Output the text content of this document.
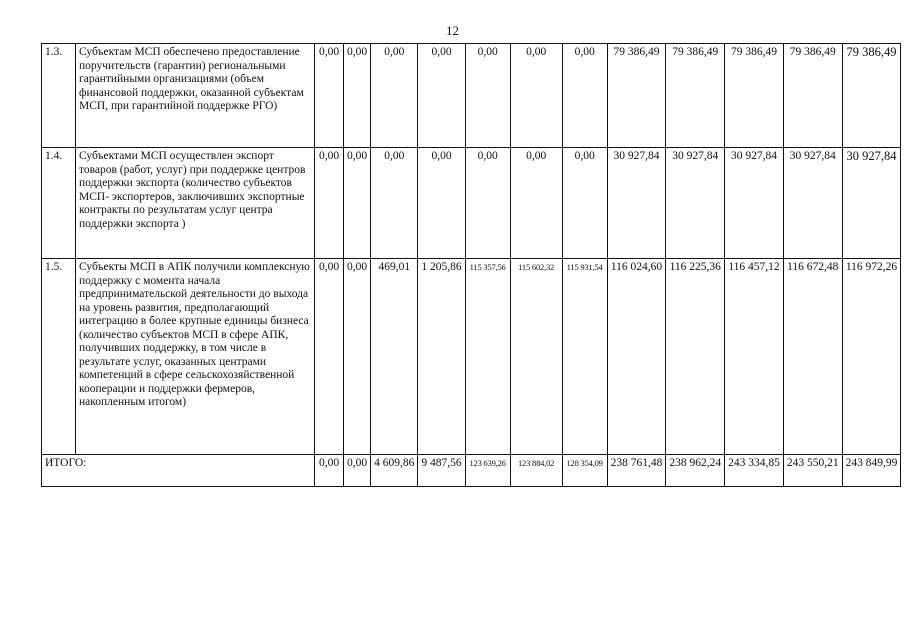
12
1.3.	Субъектам МСП обеспечено предоставление поручительств (гарантии) региональными гарантийными организациями (объем финансовой поддержки, оказанной субъектам МСП, при гарантийной поддержке РГО)	0,00	0,00	0,00	0,00	0,00	0,00	0,00	79 386,49	79 386,49	79 386,49	79 386,49	79 386,49
1.4.	Субъектами МСП осуществлен экспорт товаров (работ, услуг) при поддержке центров поддержки экспорта (количество субъектов МСП- экспортеров, заключивших экспортные контракты по результатам услуг центра поддержки экспорта )	0,00	0,00	0,00	0,00	0,00	0,00	0,00	30 927,84	30 927,84	30 927,84	30 927,84	30 927,84
1.5.	Субъекты МСП в АПК получили комплексную поддержку с момента начала предпринимательской деятельности до выхода на уровень развития, предполагающий интеграцию в более крупные единицы бизнеса (количество субъектов МСП в сфере АПК, получивших поддержку, в том числе в результате услуг, оказанных центрами компетенций в сфере сельскохозяйственной кооперации и поддержки фермеров, накопленным итогом)	0,00	0,00	469,01	1 205,86	115 357,56	115 602,32	115 931,54	116 024,60	116 225,36	116 457,12	116 672,48	116 972,26
ИТОГО:		0,00	0,00	4 609,86	9 487,56	123 639,26	123 884,02	128 354,09	238 761,48	238 962,24	243 334,85	243 550,21	243 849,99
